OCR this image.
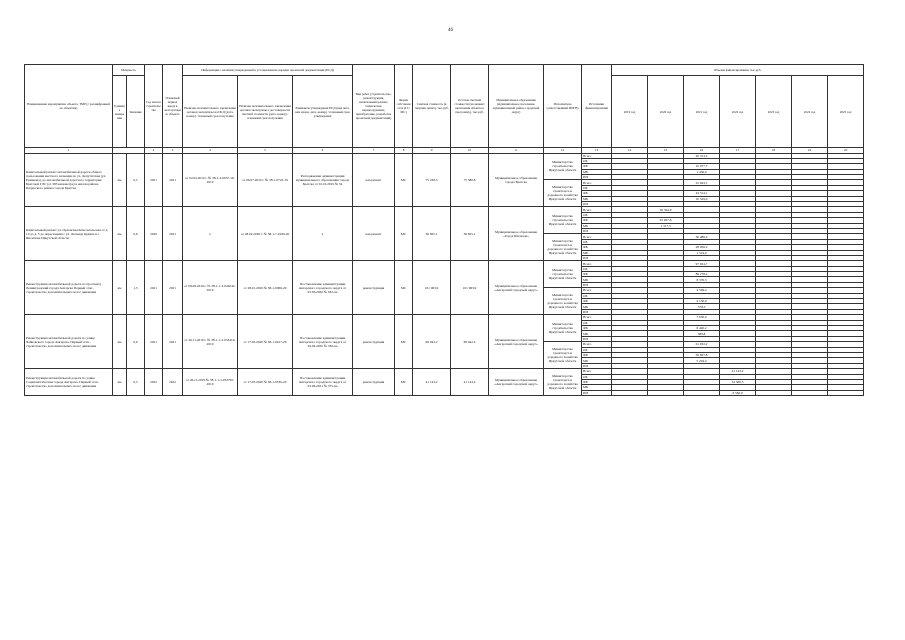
46
Наименование мероприятия, объекта, ТМР (с расшифровкой по объектам)	Мощность		Год начала строительства	Плановый период ввода в эксплуатацию объекта	Информация о наличии утвержденной в установленном порядке проектной документации (ПСД)			Вид работ (строительство, реконструкция, капитальный ремонт, техническое перевооружение, приобретение, разработка проектной документации)	Форма собственности (ГС/ МС)	Сметная стоимость (в текущих ценах), тыс.руб.	Остаток сметной стоимости (на момент включения объекта в программу), тыс.руб.	Муниципальное образование (муниципальное поселение, муниципальный район, городской округ)	Исполнитель (ответственный ИОГВ)	Источники финансирования	Объемы финансирования, тыс.руб.						
	Единица измерения	Значение			Наличие положительного заключения органов экспертизы на ПСД (дата, номер) / плановый срок получения	Наличие положительного заключения органов экспертизы о достоверности сметной стоимости (дата, номер) / плановый срок получения	Реквизиты утверждения ПСД (вид акта, кем издан, дата, номер) / плановый срок утверждения								2019 год	2020 год	2021 год	2022 год	2023 год	2024 год	2025 год
1			2	3	4	5	6	7	8	9	10	11	12	13	14	15	16	17	18	19	20
Капитальный ремонт автомобильной дороги общего пользования местного значения по ул. Депутатская (ул. Ермакова), до автомобильной дороги по территории Братской ГЭС (от 283 километра) в жилом районе Падунского района города Братска	км	0,5	2021	2021	от 02.04.2019 г. № 38-1-3-0057-19-2019	от 06.07.2019 г. № 38-1-0722-19	Распоряжение администрации муниципального образования города Братска от 01.10.2019 № 54	кап.ремонт	МС	75 238,3	75 586,8	Муниципальное образование города Братска	Министерство строительства Иркутской области	Всего			20 313,2				
														ОБ							
														ФБ			10 077,7				
														МБ			1 436,0				
														ИИ							
													Министерство транспорта и дорожного хозяйства Иркутской области	Всего			25 043,1				
														ОБ							
														ФБ			44 514,1				
														МБ			10 529,0				
														ИИ							
Капитальный ремонт ул. Орловская Комсомольская от д. 10 до д. 5 до пересечения с ул. Леонида Кудина в г. Шелехове Иркутской области	км	0,6	2020	2021	х	от 28.02.2020 г. № 38-1-7-0199-20	х	кап.ремонт	МС	36 825,1	36 825,1	Муниципальное образование «Город Шелехов»	Министерство строительства Иркутской области	Всего		26 344,9					
														ОБ							
														ФБ		25 027,6					
														МБ		1 317,3					
														ИИ							
													Министерство транспорта и дорожного хозяйства Иркутской области	Всего			30 480,2				
														ОБ							
														ФБ			28 956,2				
														МБ			1 524,0				
														ИИ							
Реконструкция автомобильной дороги по проспекту Ленинградский города Ангарска Первый этап - строительство дополнительных полос движения	км	1,5	2021	2021	от 09.09.2019 г. № 38-1-1-3-024042-2019	от 28.01.2020 № 38-1-0066-20	Постановление администрации Ангарского городского округа от 05.03.2020 № 182-па	реконструкция	МС	101 963,9	101 963,9	Муниципальное образование «Ангарский городской округ»	Министерство строительства Иркутской области	Всего			97 654,7				
														ОБ							
														ФБ			89 278,4				
														МБ			8 376,3				
														ИИ							
													Министерство транспорта и дорожного хозяйства Иркутской области	Всего			4 509,2				
														ОБ							
														ФБ			4 130,9				
														МБ			378,3				
														ИИ							
Реконструкция автомобильной дороги по улице Чайковского города Ангарска. Первый этап - строительство дополнительных полос движения	км	0,6	2021	2021	от 26.11.2019 г. № 38-1-1-3-033416-2019	от 17.02.2020 № 38-1-0227-20	Постановление администрации Ангарского городского округа от 29.04.2020 № 336-па	реконструкция	МС	69 042,2	69 042,2	Муниципальное образование «Ангарский городской округ»	Министерство строительства Иркутской области	Всего			7 050,0				
														ОБ							
														ФБ			6 440,2				
														МБ			589,8				
														ИИ							
													Министерство транспорта и дорожного хозяйства Иркутской области	Всего			61 032,2				
														ОБ							
														ФБ			56 827,8				
														МБ			5 204,4				
														ИИ							
Реконструкция автомобильной дороги по улице Социалистическая города Ангарска. Первый этап - строительство дополнительных полос движения	км	0,5	2022	2022	от 26.11.2019 № 38-1-1-3-033765-2019	от 17.03.2020 № 38-1-0330-20	Постановление администрации Ангарского городского округа от 03.06.2021 № 375-па	реконструкция	МС	41 143,2	41 143,2	Муниципальное образование «Ангарский городской округ»	Министерство транспорта и дорожного хозяйства Иркутской области	Всего				41 143,2			
														ОБ							
														ФБ				34 560,3			
														МБ							
														ИИ				6 582,9			
